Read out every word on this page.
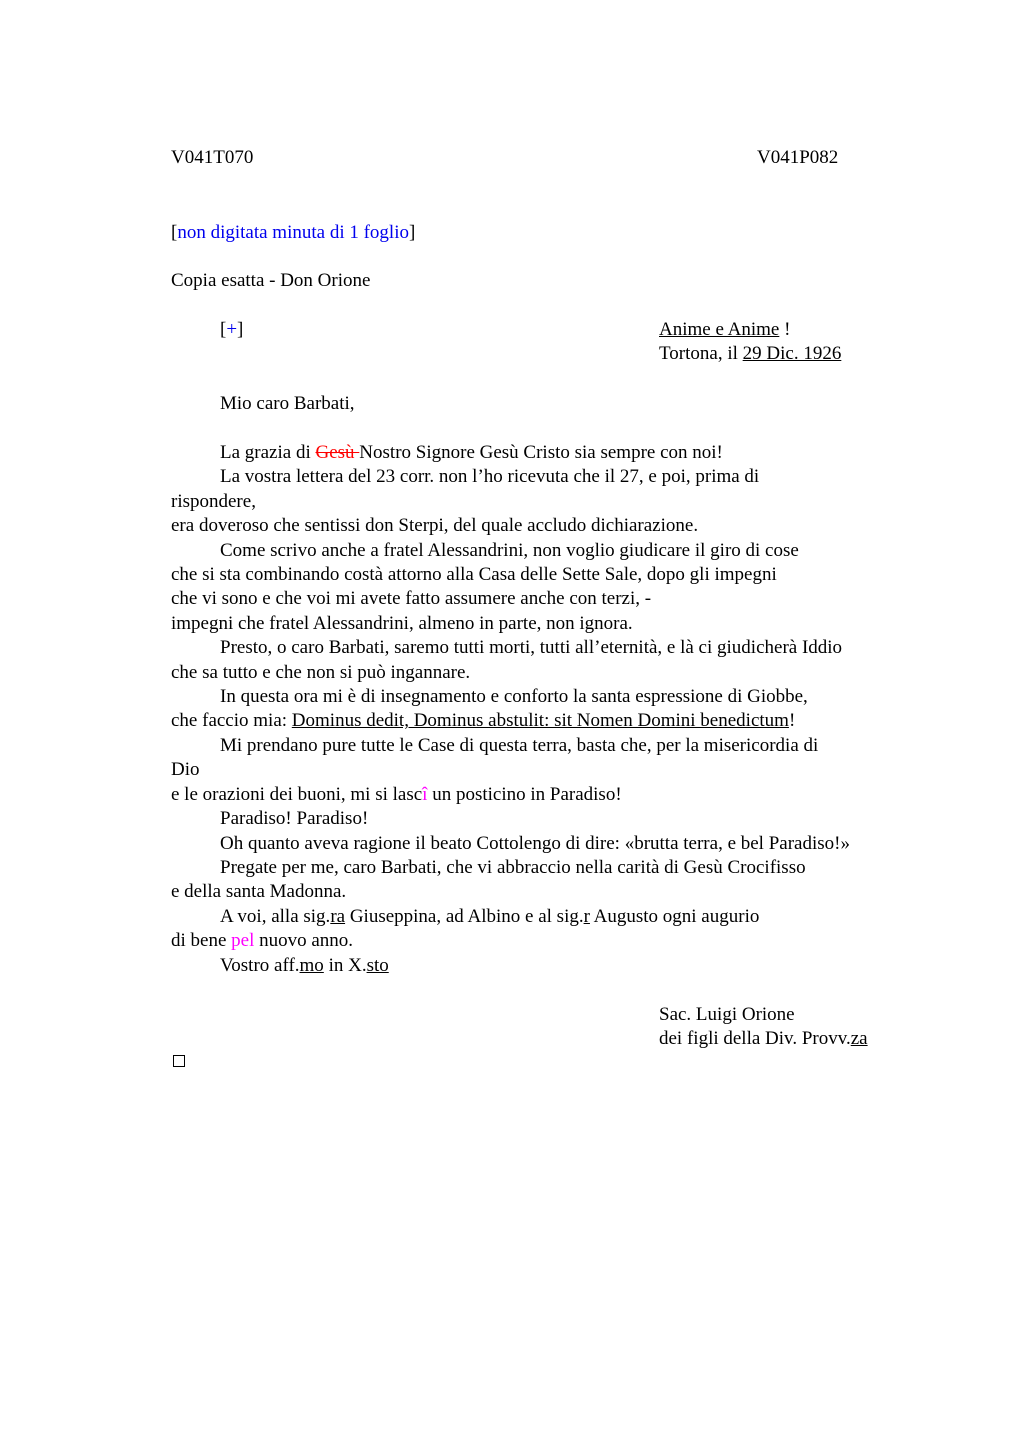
V041T070	V041P082
[non digitata minuta di 1 foglio]
Copia esatta - Don Orione
[+]	Anime e Anime !
Tortona, il 29 Dic. 1926
Mio caro Barbati,
La grazia di Gesù Nostro Signore Gesù Cristo sia sempre con noi!
La vostra lettera del 23 corr. non l’ho ricevuta che il 27, e poi, prima di
rispondere,
era doveroso che sentissi don Sterpi, del quale accludo dichiarazione.
Come scrivo anche a fratel Alessandrini, non voglio giudicare il giro di cose
che si sta combinando costà attorno alla Casa delle Sette Sale, dopo gli impegni
che vi sono e che voi mi avete fatto assumere anche con terzi, -
impegni che fratel Alessandrini, almeno in parte, non ignora.
Presto, o caro Barbati, saremo tutti morti, tutti all’eternità, e là ci giudicherà Iddio
che sa tutto e che non si può ingannare.
In questa ora mi è di insegnamento e conforto la santa espressione di Giobbe,
che faccio mia: Dominus dedit, Dominus abstulit: sit Nomen Domini benedictum!
Mi prendano pure tutte le Case di questa terra, basta che, per la misericordia di
Dio
e le orazioni dei buoni, mi si lascî un posticino in Paradiso!
Paradiso! Paradiso!
Oh quanto aveva ragione il beato Cottolengo di dire: «brutta terra, e bel Paradiso!»
Pregate per me, caro Barbati, che vi abbraccio nella carità di Gesù Crocifisso
e della santa Madonna.
A voi, alla sig.ra Giuseppina, ad Albino e al sig.r Augusto ogni augurio
di bene pel nuovo anno.
Vostro aff.mo in X.sto
Sac. Luigi Orione
dei figli della Div. Provv.za
